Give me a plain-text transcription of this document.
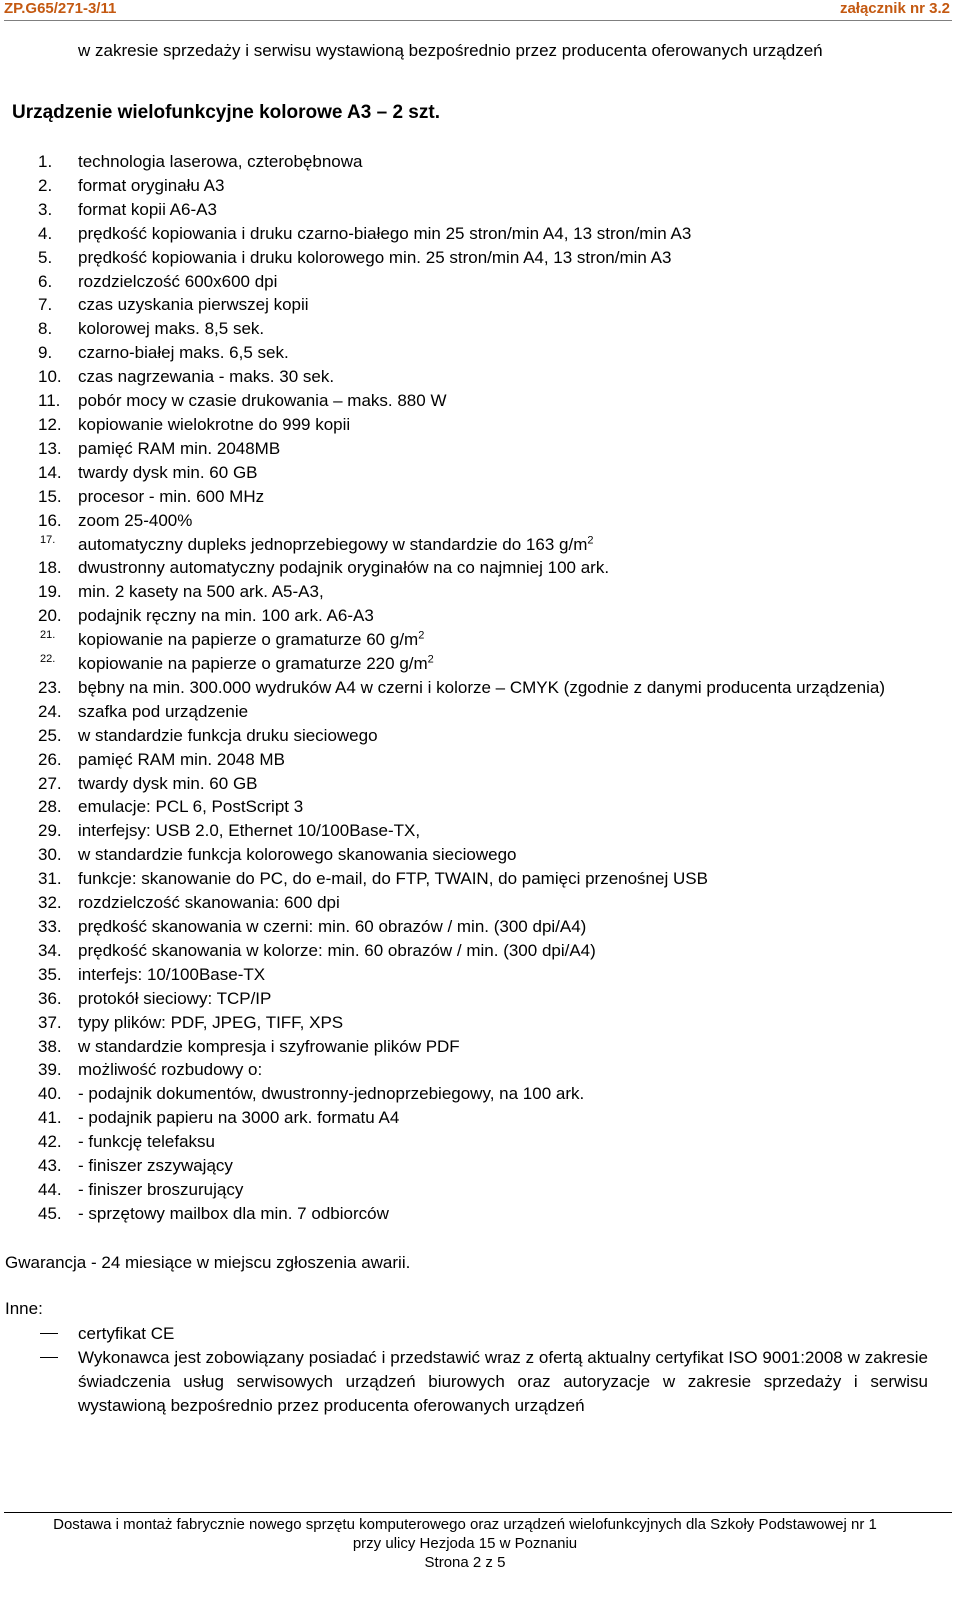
ZP.G65/271-3/11	załącznik nr 3.2
w zakresie sprzedaży i serwisu wystawioną bezpośrednio przez producenta oferowanych urządzeń
Urządzenie wielofunkcyjne kolorowe A3 – 2 szt.
1. technologia laserowa, czterobębnowa
2. format oryginału A3
3. format kopii A6-A3
4. prędkość kopiowania i druku czarno-białego min 25 stron/min A4, 13 stron/min A3
5. prędkość kopiowania i druku kolorowego min. 25 stron/min A4, 13 stron/min A3
6. rozdzielczość 600x600 dpi
7. czas uzyskania pierwszej kopii
8. kolorowej maks. 8,5 sek.
9. czarno-białej maks. 6,5 sek.
10. czas nagrzewania - maks. 30 sek.
11. pobór mocy w czasie drukowania – maks. 880 W
12. kopiowanie wielokrotne do 999 kopii
13. pamięć RAM min. 2048MB
14. twardy dysk min. 60 GB
15. procesor - min. 600 MHz
16. zoom 25-400%
17. automatyczny dupleks jednoprzebiegowy w standardzie do 163 $g/m^2$
18. dwustronny automatyczny podajnik oryginałów na co najmniej 100 ark.
19. min. 2 kasety na 500 ark. A5-A3,
20. podajnik ręczny na min. 100 ark. A6-A3
21. kopiowanie na papierze o gramaturze 60 $g/m^2$
22. kopiowanie na papierze o gramaturze 220 $g/m^2$
23. bębny na min. 300.000 wydruków A4 w czerni i kolorze – CMYK (zgodnie z danymi producenta urządzenia)
24. szafka pod urządzenie
25. w standardzie funkcja druku sieciowego
26. pamięć RAM min. 2048 MB
27. twardy dysk min. 60 GB
28. emulacje: PCL 6, PostScript 3
29. interfejsy: USB 2.0, Ethernet 10/100Base-TX,
30. w standardzie funkcja kolorowego skanowania sieciowego
31. funkcje: skanowanie do PC, do e-mail, do FTP, TWAIN, do pamięci przenośnej USB
32. rozdzielczość skanowania: 600 dpi
33. prędkość skanowania w czerni: min. 60 obrazów / min. (300 dpi/A4)
34. prędkość skanowania w kolorze: min. 60 obrazów / min. (300 dpi/A4)
35. interfejs: 10/100Base-TX
36. protokół sieciowy: TCP/IP
37. typy plików: PDF, JPEG, TIFF, XPS
38. w standardzie kompresja i szyfrowanie plików PDF
39. możliwość rozbudowy o:
40. - podajnik dokumentów, dwustronny-jednoprzebiegowy, na 100 ark.
41. - podajnik papieru na 3000 ark. formatu A4
42. - funkcję telefaksu
43. - finiszer zszywający
44. - finiszer broszurujący
45. - sprzętowy mailbox dla min. 7 odbiorców
Gwarancja - 24 miesiące w miejscu zgłoszenia awarii.
Inne:
certyfikat CE
Wykonawca jest zobowiązany posiadać i przedstawić wraz z ofertą aktualny certyfikat ISO 9001:2008 w zakresie świadczenia usług serwisowych urządzeń biurowych oraz autoryzacje w zakresie sprzedaży i serwisu wystawioną bezpośrednio przez producenta oferowanych urządzeń
Dostawa i montaż fabrycznie nowego sprzętu komputerowego oraz urządzeń wielofunkcyjnych dla Szkoły Podstawowej nr 1
przy ulicy Hezjoda 15 w Poznaniu
Strona 2 z 5
